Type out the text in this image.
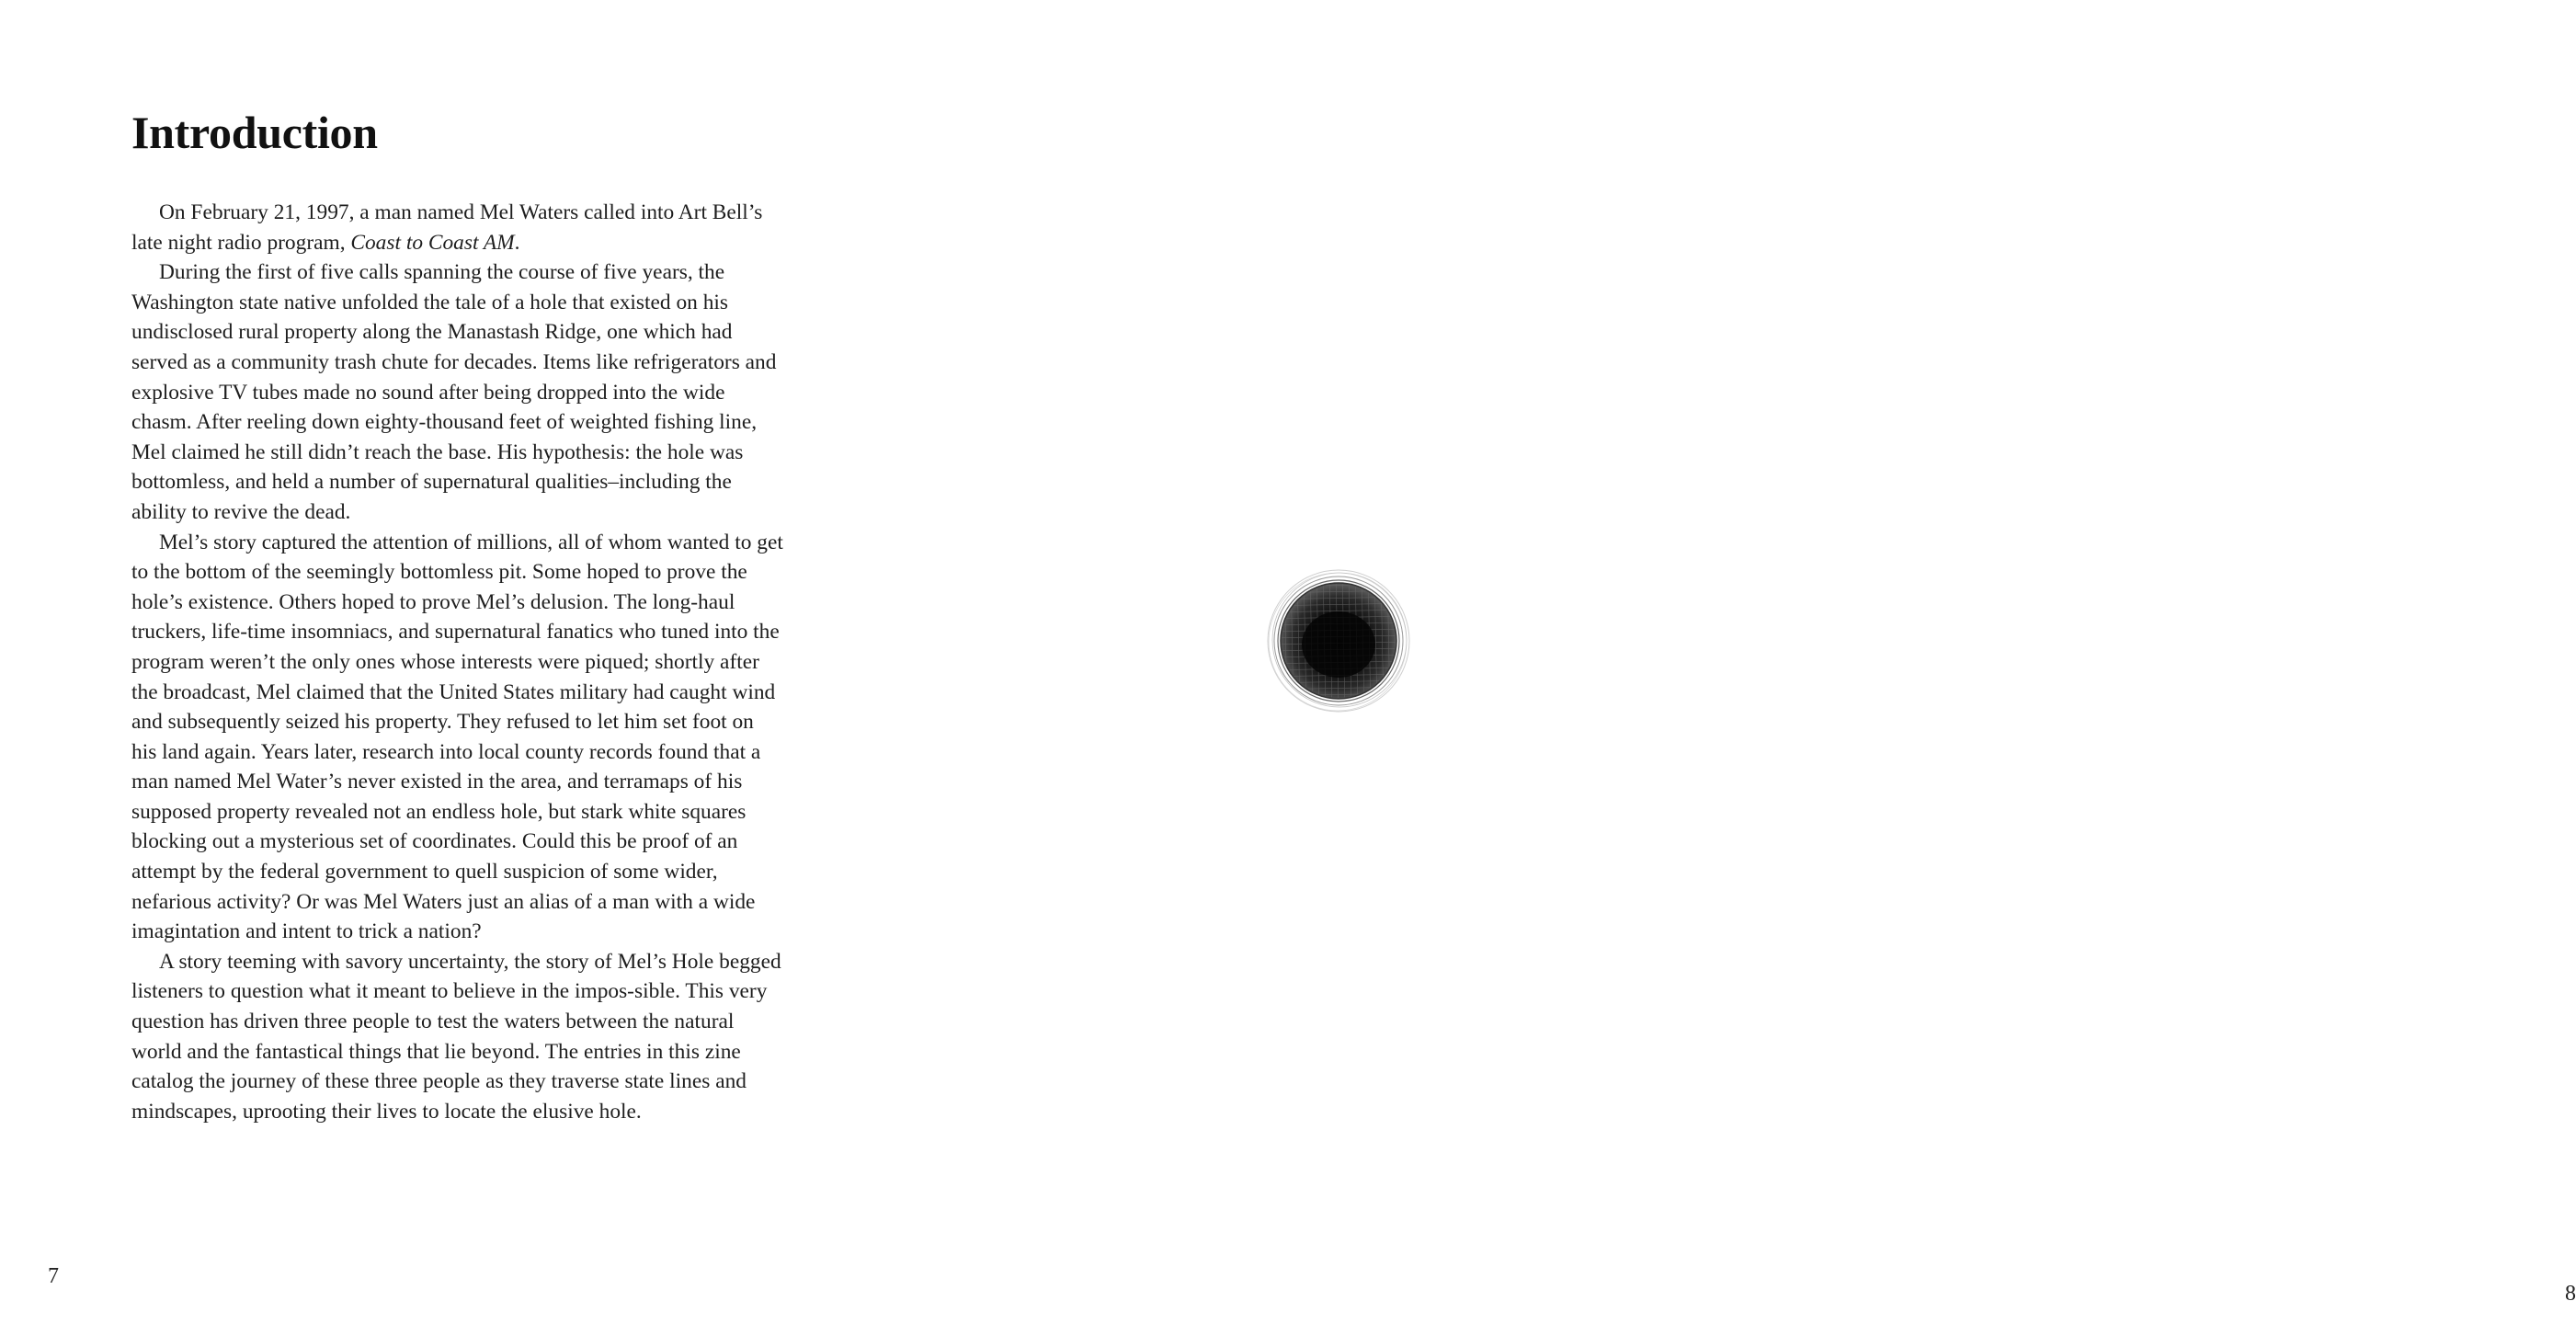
Introduction

On February 21, 1997, a man named Mel Waters called into Art Bell’s late night radio program, Coast to Coast AM.

During the first of five calls spanning the course of five years, the Washington state native unfolded the tale of a hole that existed on his undisclosed rural property along the Manastash Ridge, one which had served as a community trash chute for decades. Items like refrigerators and explosive TV tubes made no sound after being dropped into the wide chasm. After reeling down eighty-thousand feet of weighted fishing line, Mel claimed he still didn’t reach the base. His hypothesis: the hole was bottomless, and held a number of supernatural qualities–including the ability to revive the dead.

Mel’s story captured the attention of millions, all of whom wanted to get to the bottom of the seemingly bottomless pit. Some hoped to prove the hole’s existence. Others hoped to prove Mel’s delusion. The long-haul truckers, life-time insomniacs, and supernatural fanatics who tuned into the program weren’t the only ones whose interests were piqued; shortly after the broadcast, Mel claimed that the United States military had caught wind and subsequently seized his property. They refused to let him set foot on his land again. Years later, research into local county records found that a man named Mel Water’s never existed in the area, and terramaps of his supposed property revealed not an endless hole, but stark white squares blocking out a mysterious set of coordinates. Could this be proof of an attempt by the federal government to quell suspicion of some wider, nefarious activity? Or was Mel Waters just an alias of a man with a wide imagintation and intent to trick a nation?

A story teeming with savory uncertainty, the story of Mel’s Hole begged listeners to question what it meant to believe in the impos-sible. This very question has driven three people to test the waters between the natural world and the fantastical things that lie beyond. The entries in this zine catalog the journey of these three people as they traverse state lines and mindscapes, uprooting their lives to locate the elusive hole.

7
8
